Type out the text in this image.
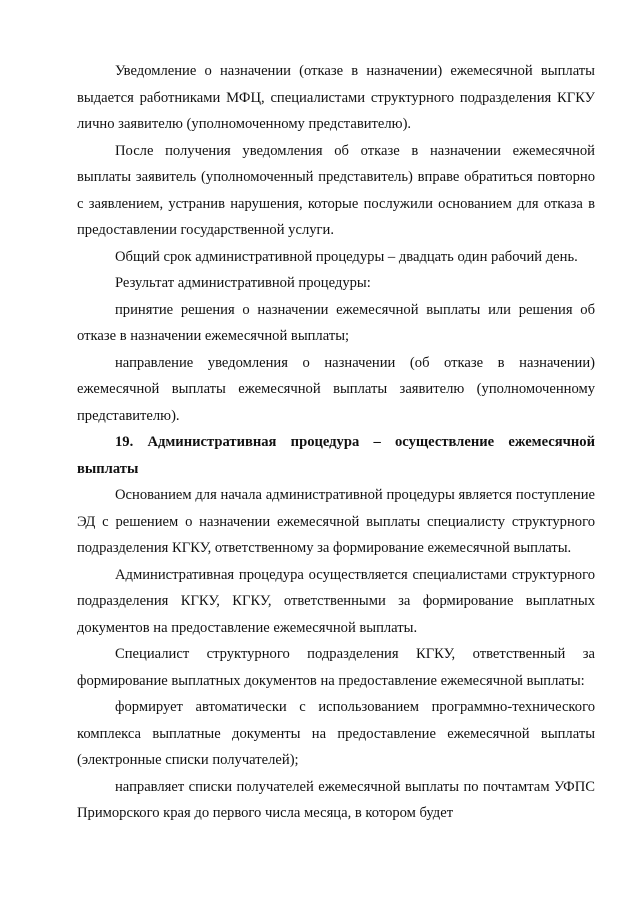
Уведомление о назначении (отказе в назначении) ежемесячной выплаты выдается работниками МФЦ, специалистами структурного подразделения КГКУ лично заявителю (уполномоченному представителю).

После получения уведомления об отказе в назначении ежемесячной выплаты заявитель (уполномоченный представитель) вправе обратиться повторно с заявлением, устранив нарушения, которые послужили основанием для отказа в предоставлении государственной услуги.

Общий срок административной процедуры – двадцать один рабочий день.

Результат административной процедуры:

принятие решения о назначении ежемесячной выплаты или решения об отказе в назначении ежемесячной выплаты;

направление уведомления о назначении (об отказе в назначении) ежемесячной выплаты ежемесячной выплаты заявителю (уполномоченному представителю).

19. Административная процедура – осуществление ежемесячной выплаты

Основанием для начала административной процедуры является поступление ЭД с решением о назначении ежемесячной выплаты специалисту структурного подразделения КГКУ, ответственному за формирование ежемесячной выплаты.

Административная процедура осуществляется специалистами структурного подразделения КГКУ, КГКУ, ответственными за формирование выплатных документов на предоставление ежемесячной выплаты.

Специалист структурного подразделения КГКУ, ответственный за формирование выплатных документов на предоставление ежемесячной выплаты:

формирует автоматически с использованием программно-технического комплекса выплатные документы на предоставление ежемесячной выплаты (электронные списки получателей);

направляет списки получателей ежемесячной выплаты по почтамтам УФПС Приморского края до первого числа месяца, в котором будет
